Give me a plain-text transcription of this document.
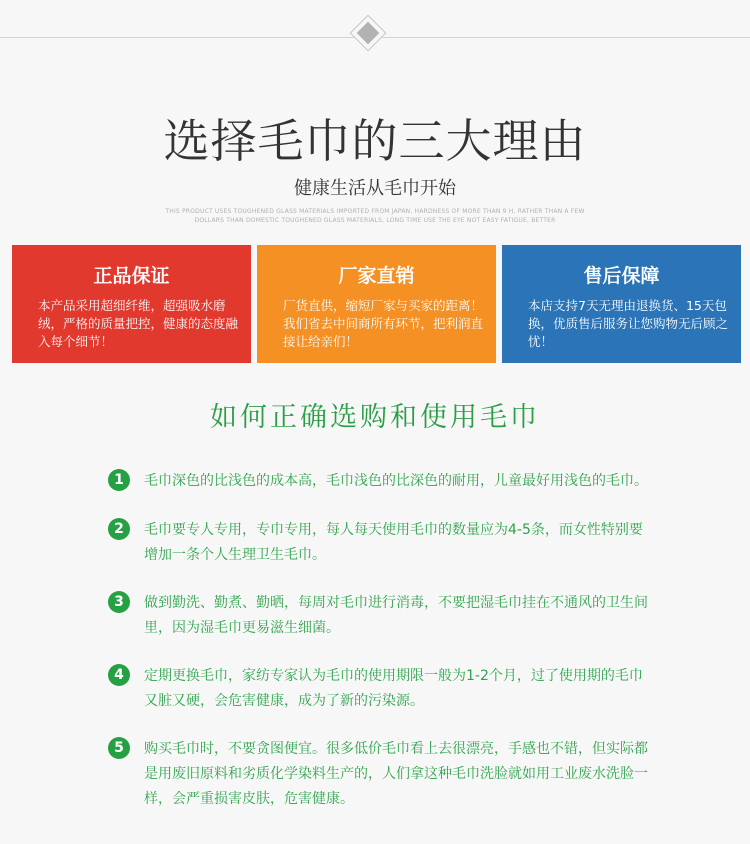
选择毛巾的三大理由
健康生活从毛巾开始
THIS PRODUCT USES TOUGHENED GLASS MATERIALS IMPORTED FROM JAPAN, HARDNESS OF MORE THAN 9 H, RATHER THAN A FEW DOLLARS THAN DOMESTIC TOUGHENED GLASS MATERIALS, LONG TIME USE THE EYE NOT EASY FATIGUE, BETTER
正品保证
本产品采用超细纤维，超强吸水磨绒，严格的质量把控，健康的态度融入每个细节！
厂家直销
厂货直供，缩短厂家与买家的距离！我们省去中间商所有环节，把利润直接让给亲们！
售后保障
本店支持7天无理由退换货、15天包换，优质售后服务让您购物无后顾之忧！
如何正确选购和使用毛巾
1	毛巾深色的比浅色的成本高，毛巾浅色的比深色的耐用，儿童最好用浅色的毛巾。
2	毛巾要专人专用，专巾专用，每人每天使用毛巾的数量应为4-5条，而女性特别要增加一条个人生理卫生毛巾。
3	做到勤洗、勤煮、勤晒，每周对毛巾进行消毒，不要把湿毛巾挂在不通风的卫生间里，因为湿毛巾更易滋生细菌。
4	定期更换毛巾，家纺专家认为毛巾的使用期限一般为1-2个月，过了使用期的毛巾又脏又硬，会危害健康，成为了新的污染源。
5	购买毛巾时，不要贪图便宜。很多低价毛巾看上去很漂亮，手感也不错，但实际都是用废旧原料和劣质化学染料生产的，人们拿这种毛巾洗脸就如用工业废水洗脸一样，会严重损害皮肤，危害健康。
